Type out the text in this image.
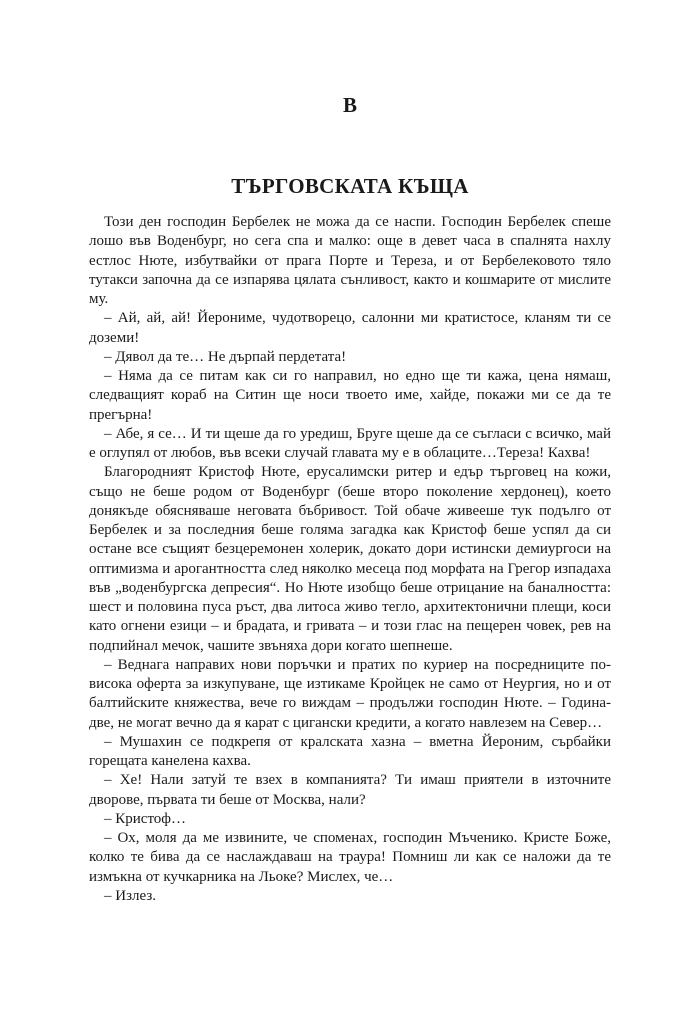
В
ТЪРГОВСКАТА КЪЩА

Този ден господин Бербелек не можа да се наспи. Господин Бербелек спеше лошо във Воденбург, но сега спа и малко: още в девет часа в спалнята нахлу естлос Нюте, избутвайки от прага Порте и Тереза, и от Бербелековото тяло тутакси започна да се изпарява цялата сънливост, както и кошмарите от мислите му.

– Ай, ай, ай! Йерониме, чудотворецо, салонни ми кратистосе, кланям ти се доземи!

– Дявол да те… Не дърпай пердетата!

– Няма да се питам как си го направил, но едно ще ти кажа, цена нямаш, следващият кораб на Ситин ще носи твоето име, хайде, покажи ми се да те прегърна!

– Абе, я се… И ти щеше да го уредиш, Бруге щеше да се съгласи с всичко, май е оглупял от любов, във всеки случай главата му е в облаците…Тереза! Кахва!

Благородният Кристоф Нюте, ерусалимски ритер и едър търговец на кожи, също не беше родом от Воденбург (беше второ поколение хердонец), което донякъде обясняваше неговата бъбривост. Той обаче живееше тук подълго от Бербелек и за последния беше голяма загадка как Кристоф беше успял да си остане все същият безцеремонен холерик, докато дори истински демиургоси на оптимизма и арогантността след няколко месеца под морфата на Грегор изпадаха във „воденбургска депресия“. Но Нюте изобщо беше отрицание на баналността: шест и половина пуса ръст, два литоса живо тегло, архитектонични плещи, коси като огнени езици – и брадата, и гривата – и този глас на пещерен човек, рев на подпийнал мечок, чашите звъняха дори когато шепнеше.

– Веднага направих нови поръчки и пратих по куриер на посредниците по-висока оферта за изкупуване, ще изтикаме Кройцек не само от Неургия, но и от балтийските княжества, вече го виждам – продължи господин Нюте. – Година-две, не могат вечно да я карат с цигански кредити, а когато навлезем на Север…

– Мушахин се подкрепя от кралската хазна – вметна Йероним, сърбайки горещата канелена кахва.

– Хе! Нали затуй те взех в компанията? Ти имаш приятели в източните дворове, първата ти беше от Москва, нали?

– Кристоф…

– Ох, моля да ме извините, че споменах, господин Мъченико. Кристе Боже, колко те бива да се наслаждаваш на траура! Помниш ли как се наложи да те измъкна от кучкарника на Льоке? Мислех, че…

– Излез.
